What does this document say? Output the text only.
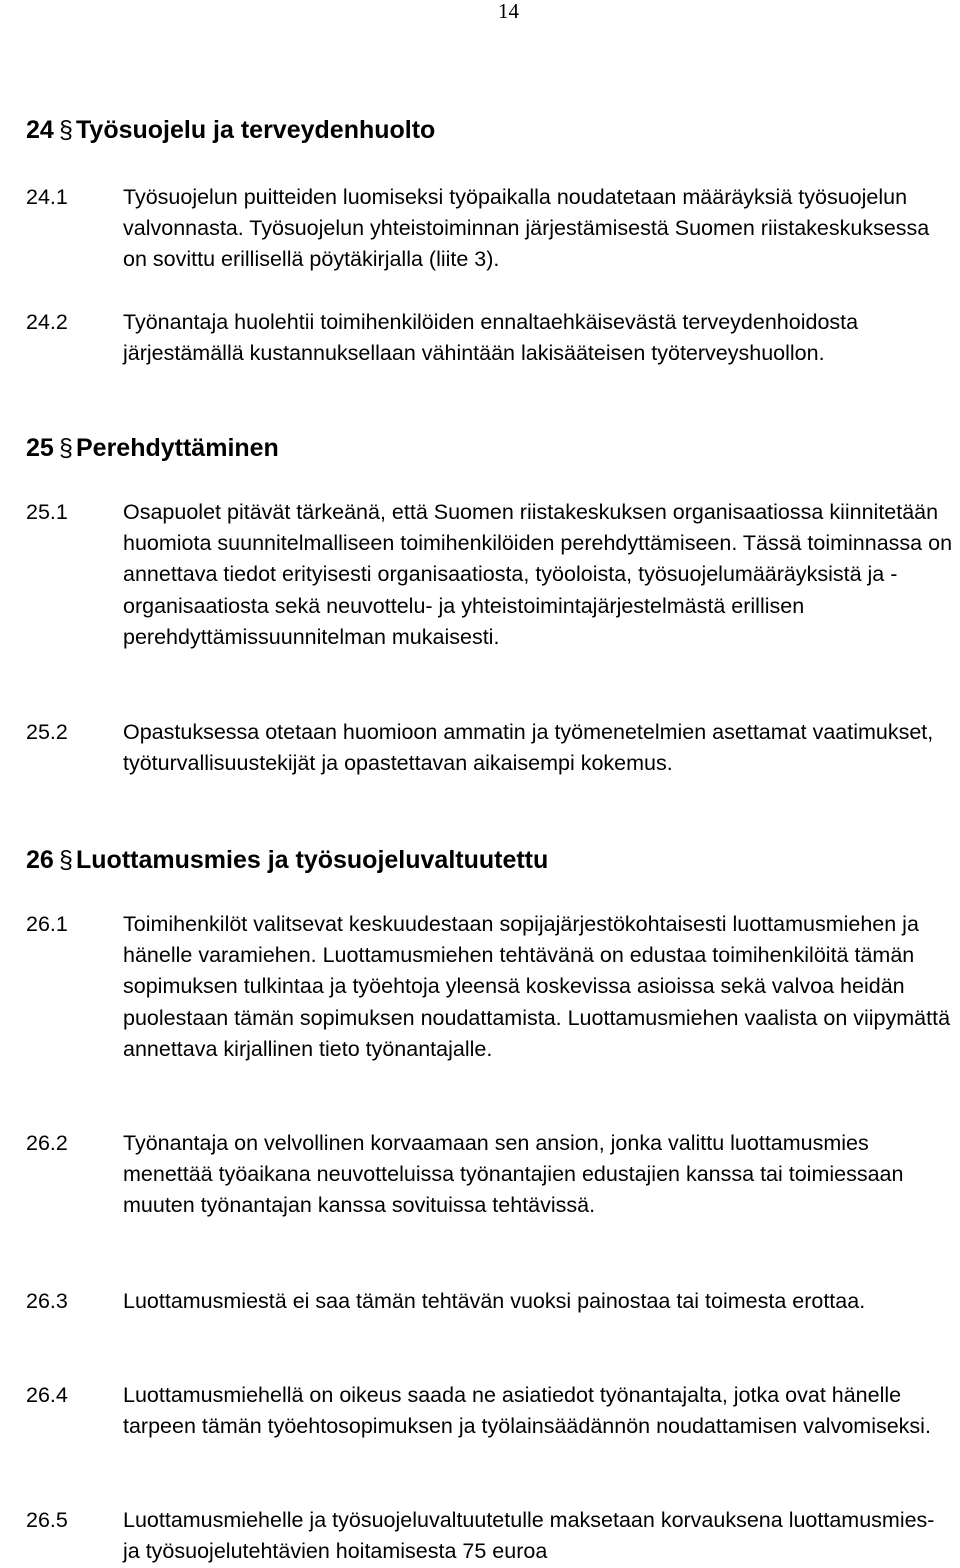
14
24 § Työsuojelu ja terveydenhuolto
24.1	Työsuojelun puitteiden luomiseksi työpaikalla noudatetaan määräyksiä työsuojelun valvonnasta. Työsuojelun yhteistoiminnan järjestämisestä Suomen riistakeskuksessa on sovittu erillisellä pöytäkirjalla (liite 3).
24.2	Työnantaja huolehtii toimihenkilöiden ennaltaehkäisevästä terveydenhoidosta järjestämällä kustannuksellaan vähintään lakisääteisen työterveyshuollon.
25 § Perehdyttäminen
25.1	Osapuolet pitävät tärkeänä, että Suomen riistakeskuksen organisaatiossa kiinnitetään huomiota suunnitelmalliseen toimihenkilöiden perehdyttämiseen. Tässä toiminnassa on annettava tiedot erityisesti organisaatiosta, työoloista, työsuojelumääräyksistä ja -organisaatiosta sekä neuvottelu- ja yhteistoimintajärjestelmästä erillisen perehdyttämissuunnitelman mukaisesti.
25.2	Opastuksessa otetaan huomioon ammatin ja työmenetelmien asettamat vaatimukset, työturvallisuustekijät ja opastettavan aikaisempi kokemus.
26 § Luottamusmies ja työsuojeluvaltuutettu
26.1	Toimihenkilöt valitsevat keskuudestaan sopijajärjestökohtaisesti luottamusmiehen ja hänelle varamiehen. Luottamusmiehen tehtävänä on edustaa toimihenkilöitä tämän sopimuksen tulkintaa ja työehtoja yleensä koskevissa asioissa sekä valvoa heidän puolestaan tämän sopimuksen noudattamista. Luottamusmiehen vaalista on viipymättä annettava kirjallinen tieto työnantajalle.
26.2	Työnantaja on velvollinen korvaamaan sen ansion, jonka valittu luottamusmies menettää työaikana neuvotteluissa työnantajien edustajien kanssa tai toimiessaan muuten työnantajan kanssa sovituissa tehtävissä.
26.3	Luottamusmiestä ei saa tämän tehtävän vuoksi painostaa tai toimesta erottaa.
26.4	Luottamusmiehellä on oikeus saada ne asiatiedot työnantajalta, jotka ovat hänelle tarpeen tämän työehtosopimuksen ja työlainsäädännön noudattamisen valvomiseksi.
26.5	Luottamusmiehelle ja työsuojeluvaltuutetulle maksetaan korvauksena luottamusmies- ja työsuojelutehtävien hoitamisesta 75 euroa
